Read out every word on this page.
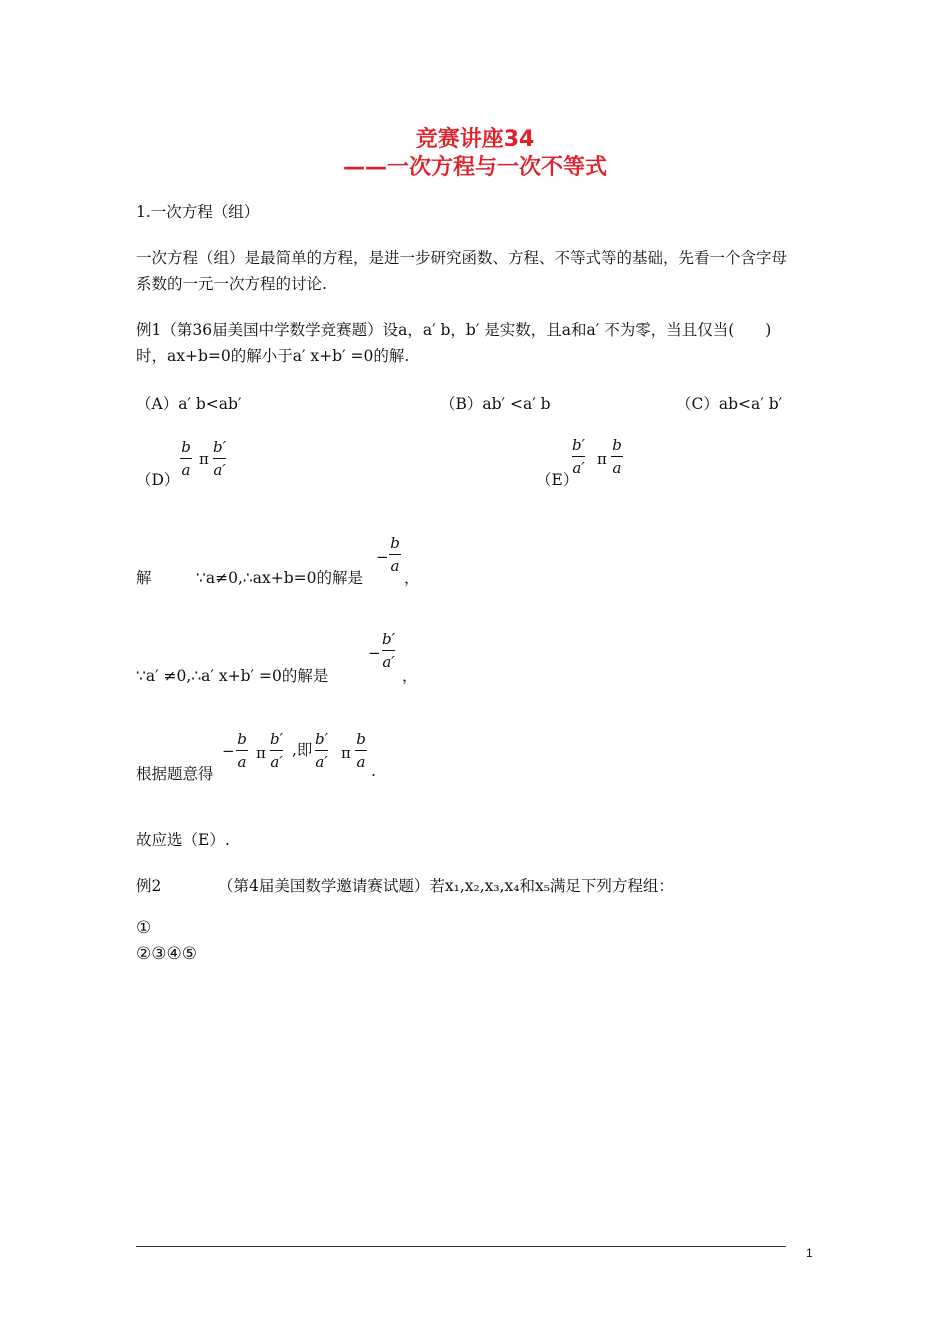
竞赛讲座34
——一次方程与一次不等式
1.一次方程（组）
一次方程（组）是最简单的方程，是进一步研究函数、方程、不等式等的基础，先看一个含字母
系数的一元一次方程的讨论.
例1（第36届美国中学数学竞赛题）设a，a′ b，b′ 是实数，且a和a′ 不为零，当且仅当(　　)
时，ax+b=0的解小于a′ x+b′ =0的解.
（A）a′ b<ab′	（B）ab′ <a′ b	（C）ab<a′ b′
（D）
b
a
π
b′
a′
（E）
b′
a′ π
b
a
解	∵a≠0,∴ax+b=0的解是
−
b
a
，
∵a′ ≠0,∴a′ x+b′ =0的解是
−
b′
a′
，
根据题意得
−
b
a π
b′
a′
,即
b′
a′ π
b
a .
故应选（E）.
例2	（第4届美国数学邀请赛试题）若x₁,x₂,x₃,x₄和x₅满足下列方程组：
①
②③④⑤
1
